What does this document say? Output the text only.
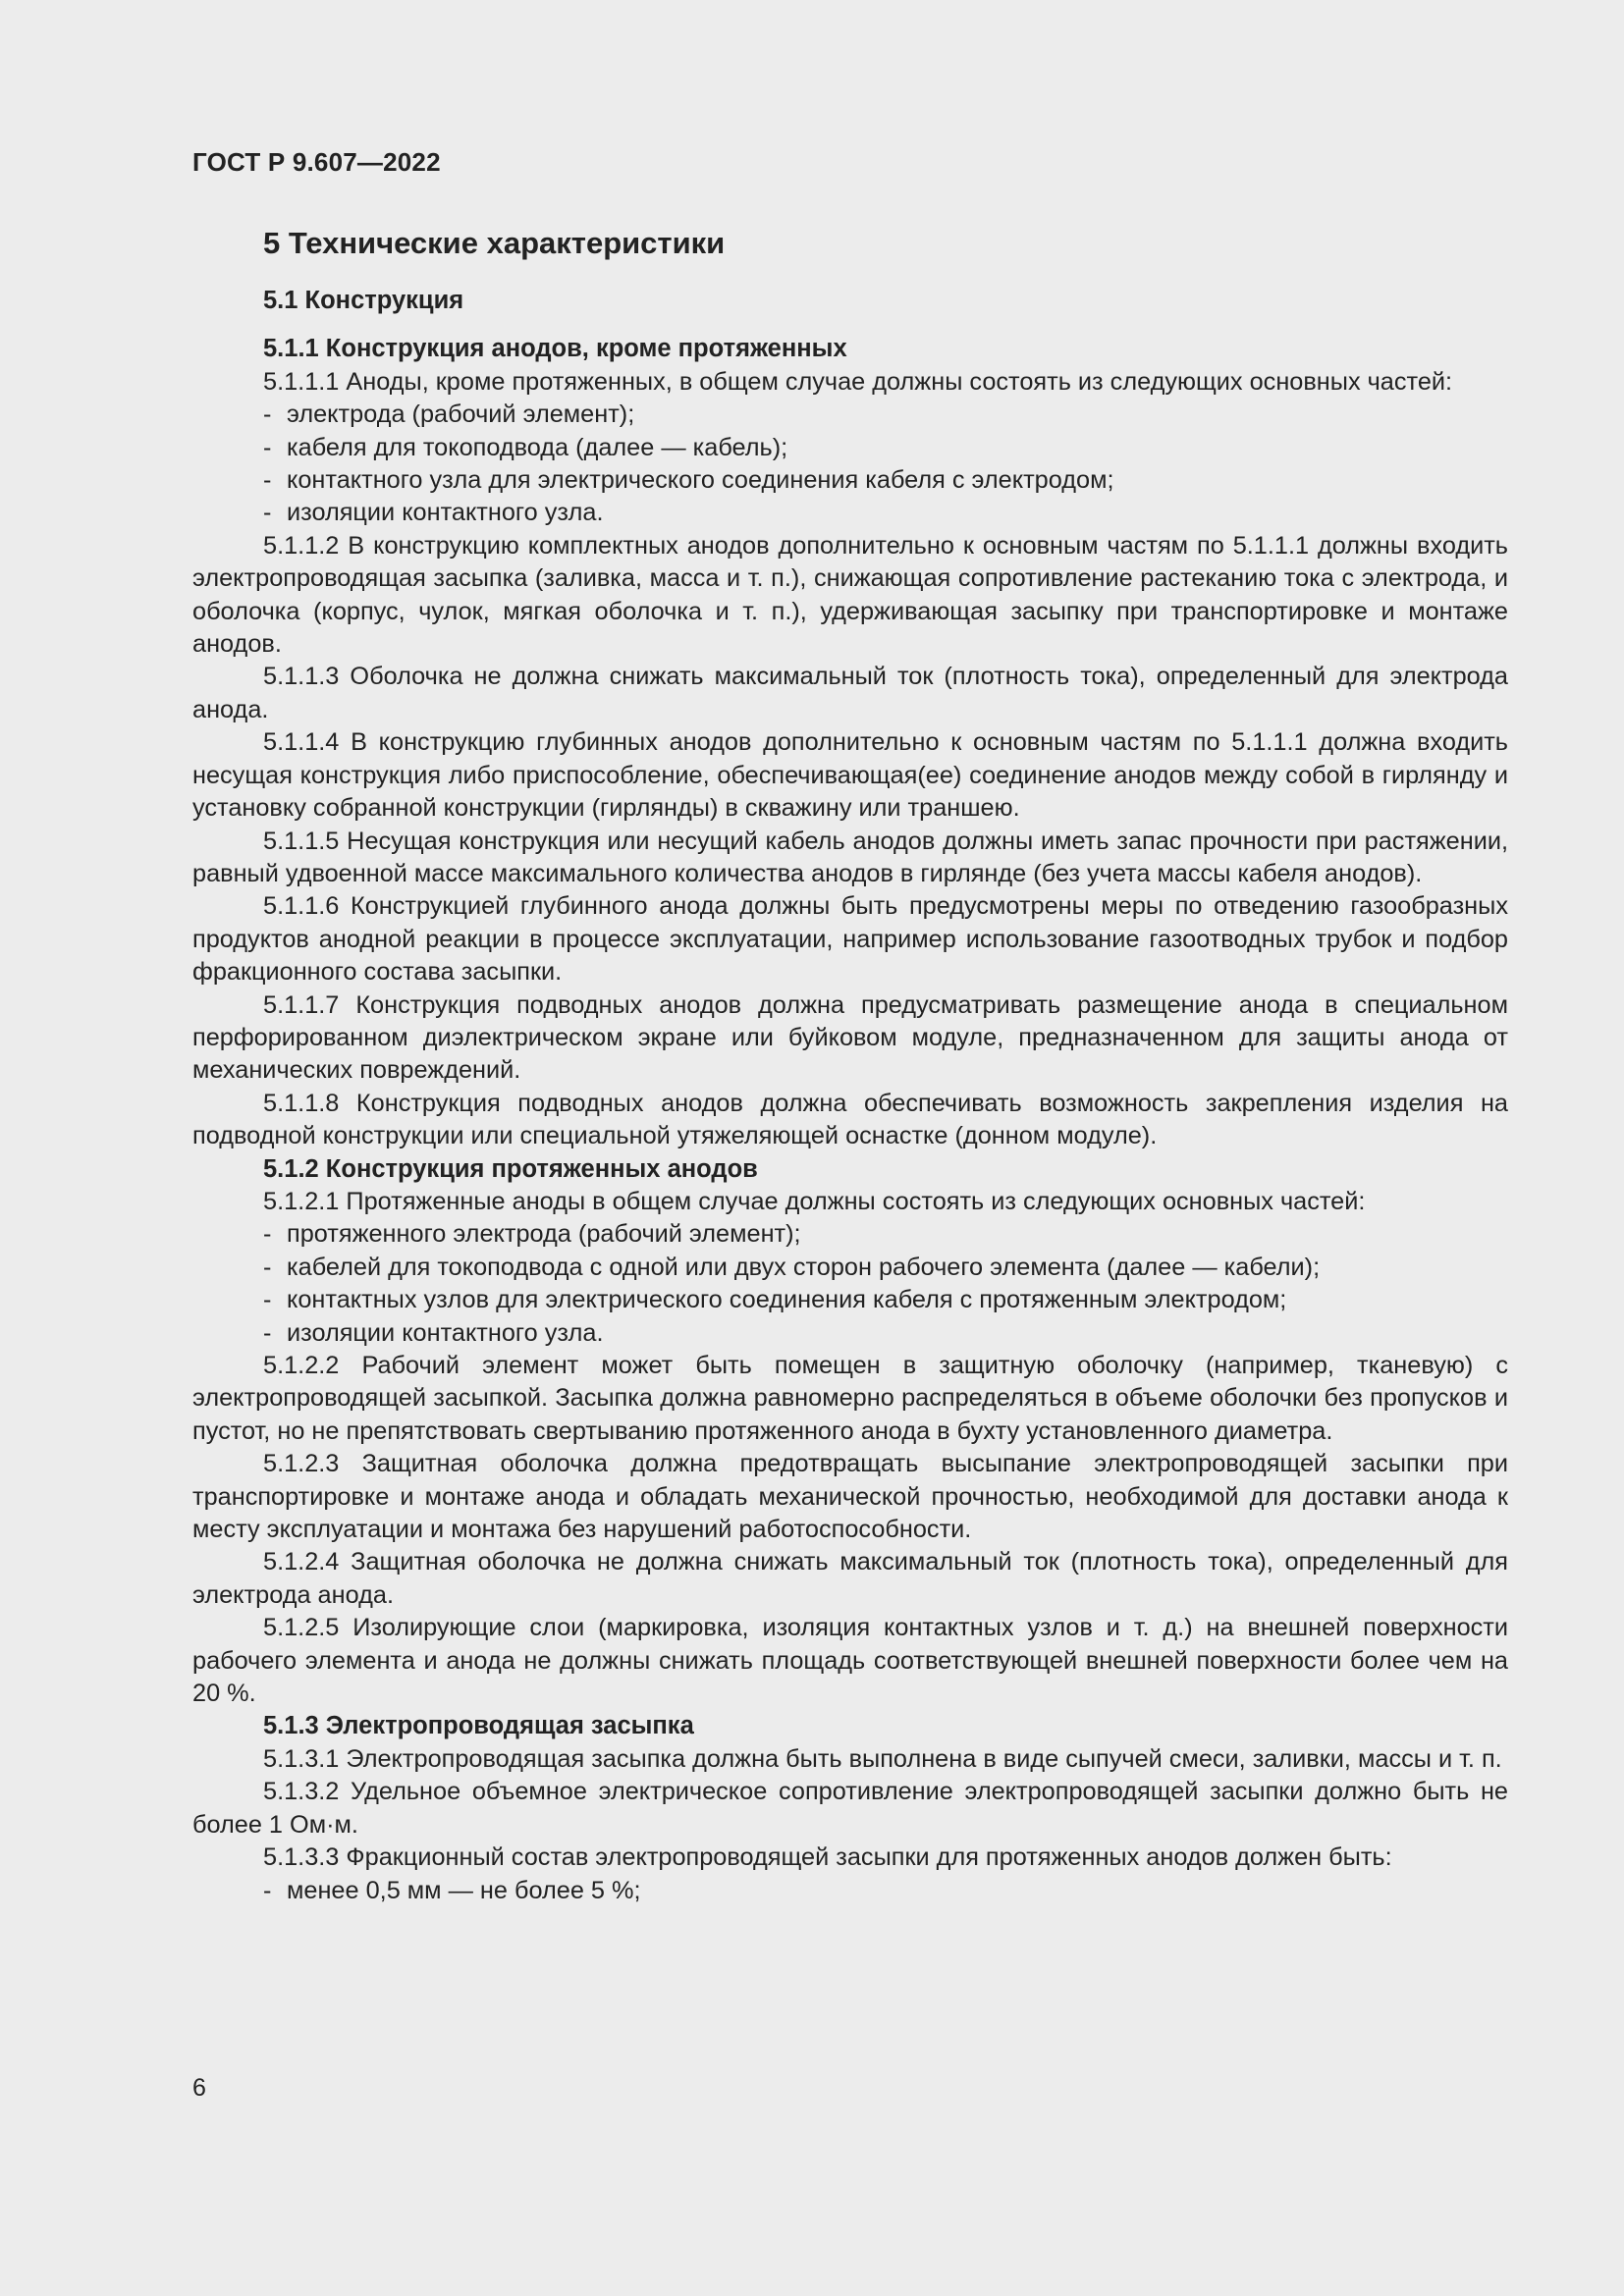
ГОСТ Р 9.607—2022

5 Технические характеристики

5.1 Конструкция

5.1.1 Конструкция анодов, кроме протяженных

5.1.1.1 Аноды, кроме протяженных, в общем случае должны состоять из следующих основных частей:

- электрода (рабочий элемент);

- кабеля для токоподвода (далее — кабель);

- контактного узла для электрического соединения кабеля с электродом;

- изоляции контактного узла.

5.1.1.2 В конструкцию комплектных анодов дополнительно к основным частям по 5.1.1.1 должны входить электропроводящая засыпка (заливка, масса и т. п.), снижающая сопротивление растеканию тока с электрода, и оболочка (корпус, чулок, мягкая оболочка и т. п.), удерживающая засыпку при транспортировке и монтаже анодов.

5.1.1.3 Оболочка не должна снижать максимальный ток (плотность тока), определенный для электрода анода.

5.1.1.4 В конструкцию глубинных анодов дополнительно к основным частям по 5.1.1.1 должна входить несущая конструкция либо приспособление, обеспечивающая(ее) соединение анодов между собой в гирлянду и установку собранной конструкции (гирлянды) в скважину или траншею.

5.1.1.5 Несущая конструкция или несущий кабель анодов должны иметь запас прочности при растяжении, равный удвоенной массе максимального количества анодов в гирлянде (без учета массы кабеля анодов).

5.1.1.6 Конструкцией глубинного анода должны быть предусмотрены меры по отведению газообразных продуктов анодной реакции в процессе эксплуатации, например использование газоотводных трубок и подбор фракционного состава засыпки.

5.1.1.7 Конструкция подводных анодов должна предусматривать размещение анода в специальном перфорированном диэлектрическом экране или буйковом модуле, предназначенном для защиты анода от механических повреждений.

5.1.1.8 Конструкция подводных анодов должна обеспечивать возможность закрепления изделия на подводной конструкции или специальной утяжеляющей оснастке (донном модуле).

5.1.2 Конструкция протяженных анодов

5.1.2.1 Протяженные аноды в общем случае должны состоять из следующих основных частей:

- протяженного электрода (рабочий элемент);

- кабелей для токоподвода с одной или двух сторон рабочего элемента (далее — кабели);

- контактных узлов для электрического соединения кабеля с протяженным электродом;

- изоляции контактного узла.

5.1.2.2 Рабочий элемент может быть помещен в защитную оболочку (например, тканевую) с электропроводящей засыпкой. Засыпка должна равномерно распределяться в объеме оболочки без пропусков и пустот, но не препятствовать свертыванию протяженного анода в бухту установленного диаметра.

5.1.2.3 Защитная оболочка должна предотвращать высыпание электропроводящей засыпки при транспортировке и монтаже анода и обладать механической прочностью, необходимой для доставки анода к месту эксплуатации и монтажа без нарушений работоспособности.

5.1.2.4 Защитная оболочка не должна снижать максимальный ток (плотность тока), определенный для электрода анода.

5.1.2.5 Изолирующие слои (маркировка, изоляция контактных узлов и т. д.) на внешней поверхности рабочего элемента и анода не должны снижать площадь соответствующей внешней поверхности более чем на 20 %.

5.1.3 Электропроводящая засыпка

5.1.3.1 Электропроводящая засыпка должна быть выполнена в виде сыпучей смеси, заливки, массы и т. п.

5.1.3.2 Удельное объемное электрическое сопротивление электропроводящей засыпки должно быть не более 1 Ом·м.

5.1.3.3 Фракционный состав электропроводящей засыпки для протяженных анодов должен быть:

- менее 0,5 мм — не более 5 %;

6
